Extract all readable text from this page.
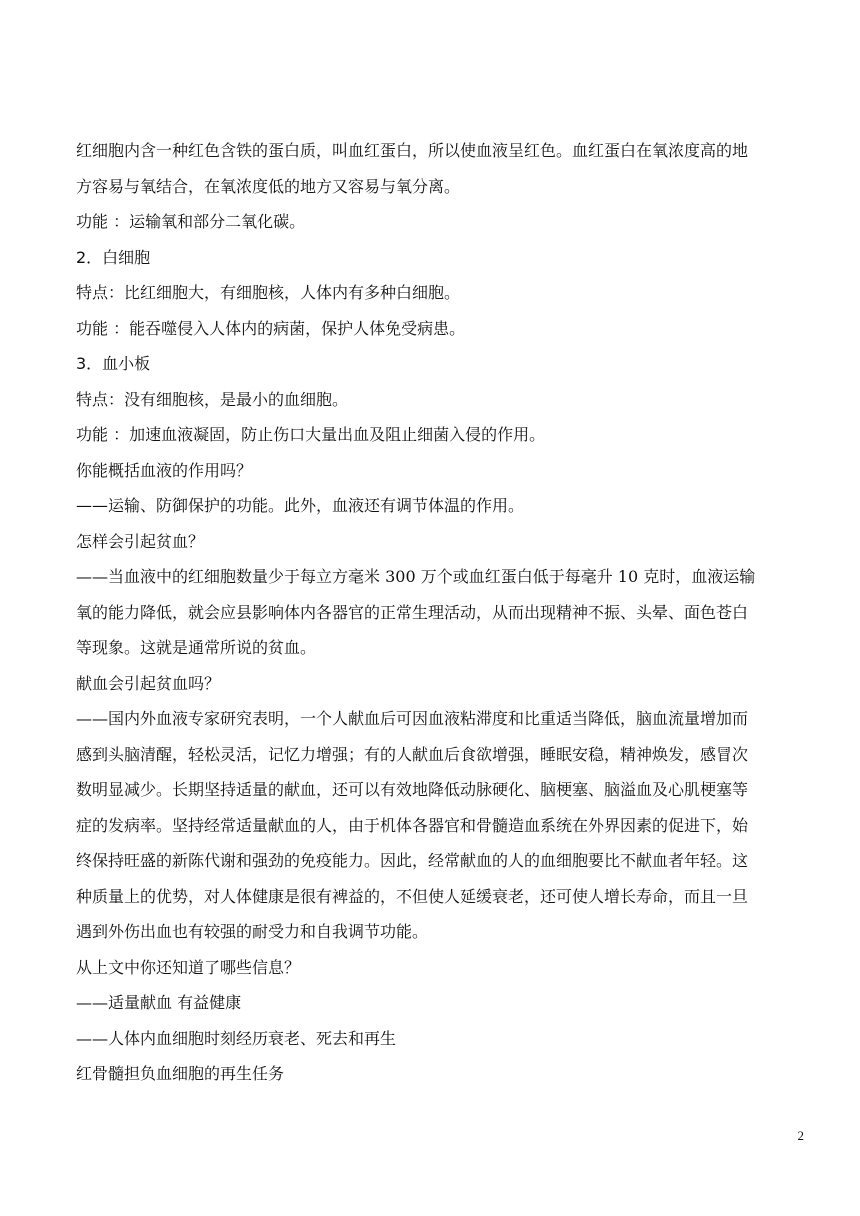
红细胞内含一种红色含铁的蛋白质，叫血红蛋白，所以使血液呈红色。血红蛋白在氧浓度高的地
方容易与氧结合，在氧浓度低的地方又容易与氧分离。
功能 ：运输氧和部分二氧化碳。
2．白细胞
特点：比红细胞大，有细胞核，人体内有多种白细胞。
功能 ：能吞噬侵入人体内的病菌，保护人体免受病患。
3．血小板
特点：没有细胞核，是最小的血细胞。
功能 ：加速血液凝固，防止伤口大量出血及阻止细菌入侵的作用。
你能概括血液的作用吗？
——运输、防御保护的功能。此外，血液还有调节体温的作用。
怎样会引起贫血？
——当血液中的红细胞数量少于每立方毫米 300 万个或血红蛋白低于每毫升 10 克时，血液运输
氧的能力降低，就会应县影响体内各器官的正常生理活动，从而出现精神不振、头晕、面色苍白
等现象。这就是通常所说的贫血。
献血会引起贫血吗？
——国内外血液专家研究表明，一个人献血后可因血液粘滞度和比重适当降低，脑血流量增加而
感到头脑清醒，轻松灵活，记忆力增强；有的人献血后食欲增强，睡眠安稳，精神焕发，感冒次
数明显减少。长期坚持适量的献血，还可以有效地降低动脉硬化、脑梗塞、脑溢血及心肌梗塞等
症的发病率。坚持经常适量献血的人，由于机体各器官和骨髓造血系统在外界因素的促进下，始
终保持旺盛的新陈代谢和强劲的免疫能力。因此，经常献血的人的血细胞要比不献血者年轻。这
种质量上的优势，对人体健康是很有裨益的，不但使人延缓衰老，还可使人增长寿命，而且一旦
遇到外伤出血也有较强的耐受力和自我调节功能。
从上文中你还知道了哪些信息？
——适量献血 有益健康
——人体内血细胞时刻经历衰老、死去和再生
红骨髓担负血细胞的再生任务
2
